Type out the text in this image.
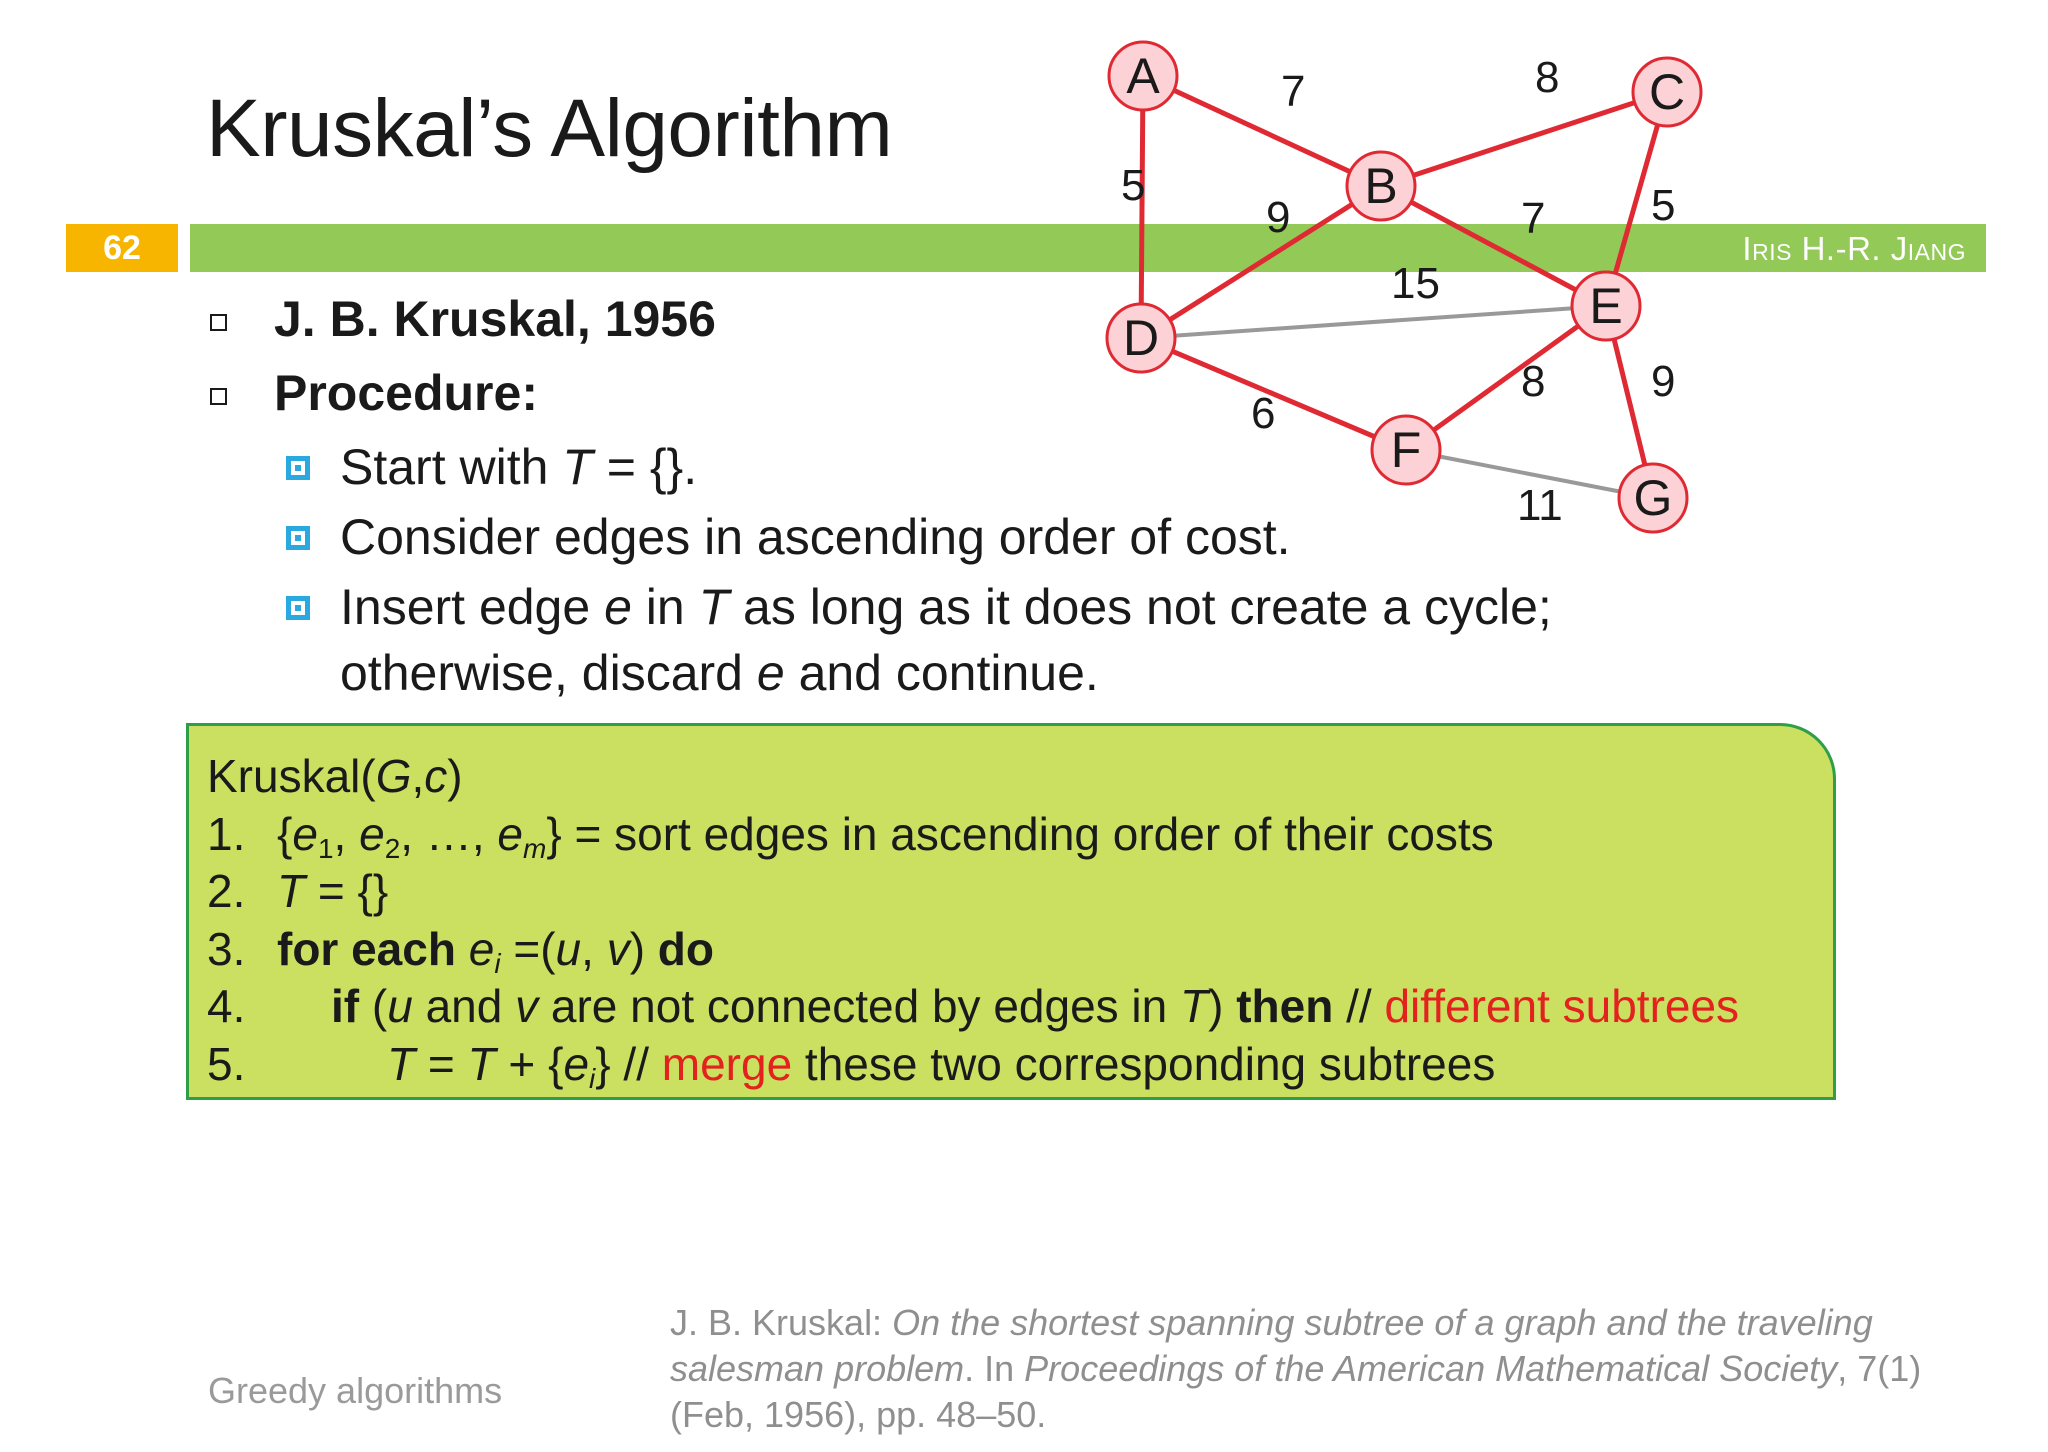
Kruskal’s Algorithm
62	Iris H.-R. Jiang
7	8
5
9	7 5
15
6
8 9
11
A
B
C
D
E
F
G
J. B. Kruskal, 1956
Procedure:
Start with T = {}.
Consider edges in ascending order of cost.
Insert edge e in T as long as it does not create a cycle;
otherwise, discard e and continue.
Kruskal(G,c)
1. {$e_1$, $e_2$, …, $e_m$} = sort edges in ascending order of their costs
2. T = {}
3. for each $e_i =(u$, v) do
4. if (u and v are not connected by edges in T) then // different subtrees
5.	$T = T + \{e_i\}$ // merge these two corresponding subtrees
Greedy algorithms
J. B. Kruskal: On the shortest spanning subtree of a graph and the traveling salesman problem. In Proceedings of the American Mathematical Society, 7(1) (Feb, 1956), pp. 48–50.
